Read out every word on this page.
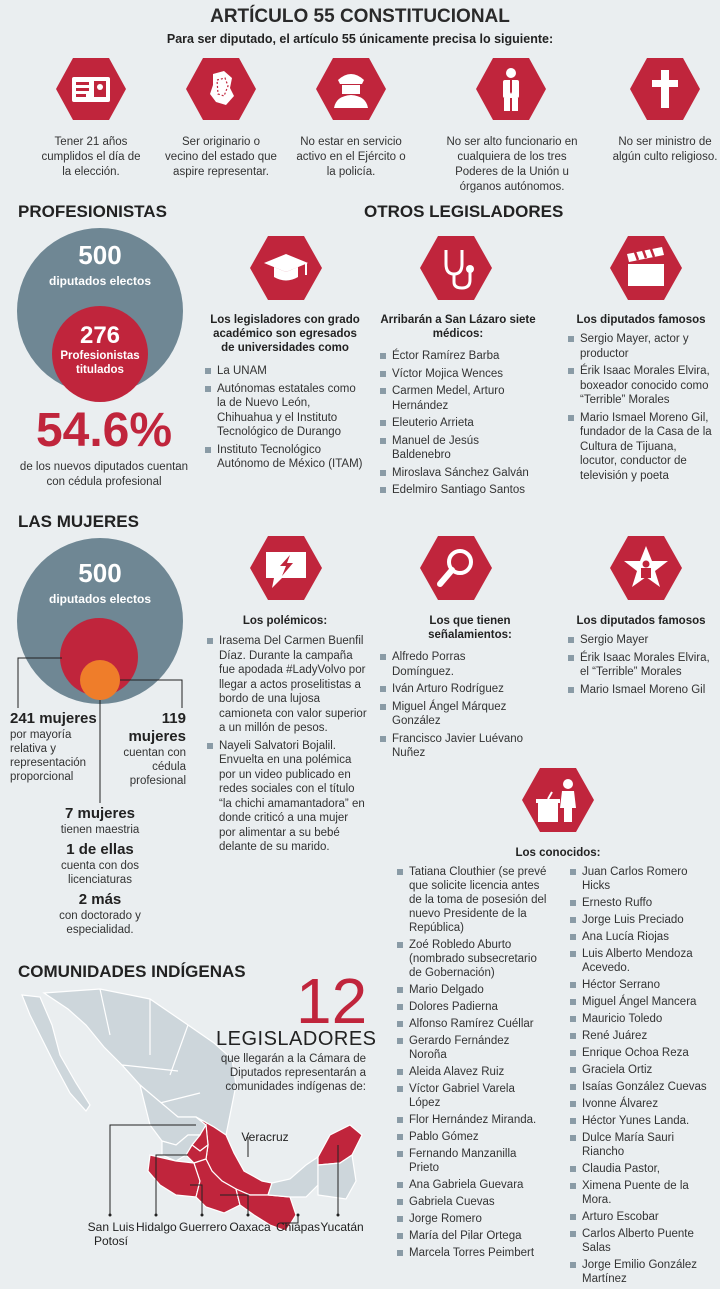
ARTÍCULO 55 CONSTITUCIONAL
Para ser diputado, el artículo 55 únicamente precisa lo siguiente:
Tener 21 años cumplidos el día de la elección.
Ser originario o vecino del estado que aspire representar.
No estar en servicio activo en el Ejército o la policía.
No ser alto funcionario en cualquiera de los tres Poderes de la Unión u órganos autónomos.
No ser ministro de algún culto religioso.
PROFESIONISTAS
500
diputados electos
276
Profesionistas
titulados
54.6%
de los nuevos diputados cuentan con cédula profesional
OTROS LEGISLADORES
Los legisladores con grado académico son egresados de universidades como
La UNAM
Autónomas estatales como la de Nuevo León, Chihuahua y el Instituto Tecnológico de Durango
Instituto Tecnológico Autónomo de México (ITAM)
Arribarán a San Lázaro siete médicos:
Éctor Ramírez Barba
Víctor Mojica Wences
Carmen Medel, Arturo Hernández
Eleuterio Arrieta
Manuel de Jesús Baldenebro
Miroslava Sánchez Galván
Edelmiro Santiago Santos
Los diputados famosos
Sergio Mayer, actor y productor
Érik Isaac Morales Elvira, boxeador conocido como “Terrible” Morales
Mario Ismael Moreno Gil, fundador de la Casa de la Cultura de Tijuana, locutor, conductor de televisión y poeta
LAS MUJERES
500
diputados electos
241 mujeres
por mayoría relativa y representación proporcional
119 mujeres
cuentan con cédula profesional
7 mujeres
tienen maestria
1 de ellas
cuenta con dos licenciaturas
2 más
con doctorado y especialidad.
Los polémicos:
Irasema Del Carmen Buenfil Díaz. Durante la campaña fue apodada #LadyVolvo por llegar a actos proselitistas a bordo de una lujosa camioneta con valor superior a un millón de pesos.
Nayeli Salvatori Bojalil. Envuelta en una polémica por un video publicado en redes sociales con el título “la chichi amamantadora” en donde criticó a una mujer por alimentar a su bebé delante de su marido.
Los que tienen señalamientos:
Alfredo Porras Domínguez.
Iván Arturo Rodríguez
Miguel Ángel Márquez González
Francisco Javier Luévano Nuñez
Los diputados famosos
Sergio Mayer
Érik Isaac Morales Elvira, el “Terrible” Morales
Mario Ismael Moreno Gil
Los conocidos:
Tatiana Clouthier (se prevé que solicite licencia antes de la toma de posesión del nuevo Presidente de la República)
Zoé Robledo Aburto (nombrado subsecretario de Gobernación)
Mario Delgado
Dolores Padierna
Alfonso Ramírez Cuéllar
Gerardo Fernández Noroña
Aleida Alavez Ruiz
Víctor Gabriel Varela López
Flor Hernández Miranda.
Pablo Gómez
Fernando Manzanilla Prieto
Ana Gabriela Guevara
Gabriela Cuevas
Jorge Romero
María del Pilar Ortega
Marcela Torres Peimbert
Juan Carlos Romero Hicks
Ernesto Ruffo
Jorge Luis Preciado
Ana Lucía Riojas
Luis Alberto Mendoza Acevedo.
Héctor Serrano
Miguel Ángel Mancera
Mauricio Toledo
René Juárez
Enrique Ochoa Reza
Graciela Ortiz
Isaías González Cuevas
Ivonne Álvarez
Héctor Yunes Landa.
Dulce María Sauri Riancho
Claudia Pastor,
Ximena Puente de la Mora.
Arturo Escobar
Carlos Alberto Puente Salas
Jorge Emilio González Martínez
COMUNIDADES INDÍGENAS 12
LEGISLADORES
que llegarán a la Cámara de Diputados representarán a comunidades indígenas de:
San Luis Potosí
Hidalgo Guerrero Oaxaca Chiapas Yucatán
Veracruz
